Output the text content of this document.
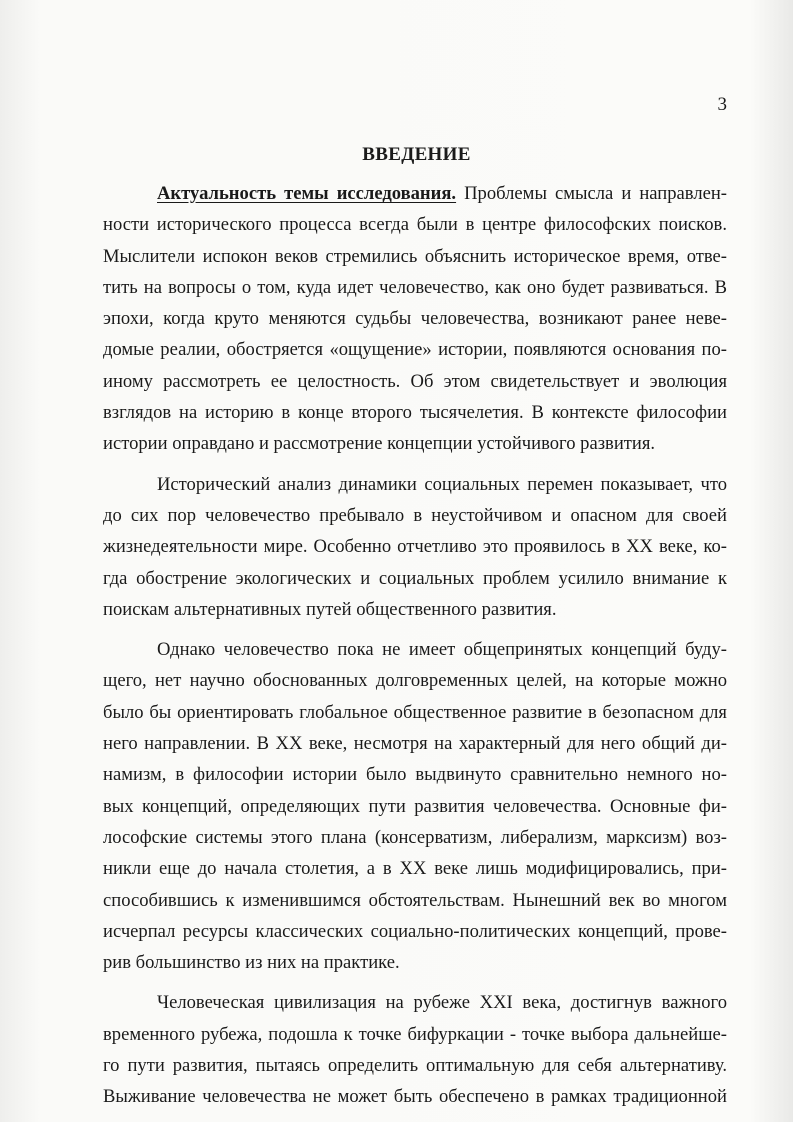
3
ВВЕДЕНИЕ
Актуальность темы исследования. Проблемы смысла и направлен-
ности исторического процесса всегда были в центре философских поисков.
Мыслители испокон веков стремились объяснить историческое время, отве-
тить на вопросы о том, куда идет человечество, как оно будет развиваться. В
эпохи, когда круто меняются судьбы человечества, возникают ранее неве-
домые реалии, обостряется «ощущение» истории, появляются основания по-
иному рассмотреть ее целостность. Об этом свидетельствует и эволюция
взглядов на историю в конце второго тысячелетия. В контексте философии
истории оправдано и рассмотрение концепции устойчивого развития.
Исторический анализ динамики социальных перемен показывает, что
до сих пор человечество пребывало в неустойчивом и опасном для своей
жизнедеятельности мире. Особенно отчетливо это проявилось в XX веке, ко-
гда обострение экологических и социальных проблем усилило внимание к
поискам альтернативных путей общественного развития.
Однако человечество пока не имеет общепринятых концепций буду-
щего, нет научно обоснованных долговременных целей, на которые можно
было бы ориентировать глобальное общественное развитие в безопасном для
него направлении. В XX веке, несмотря на характерный для него общий ди-
намизм, в философии истории было выдвинуто сравнительно немного но-
вых концепций, определяющих пути развития человечества. Основные фи-
лософские системы этого плана (консерватизм, либерализм, марксизм) воз-
никли еще до начала столетия, а в XX веке лишь модифицировались, при-
способившись к изменившимся обстоятельствам. Нынешний век во многом
исчерпал ресурсы классических социально-политических концепций, прове-
рив большинство из них на практике.
Человеческая цивилизация на рубеже XXI века, достигнув важного
временного рубежа, подошла к точке бифуркации - точке выбора дальнейше-
го пути развития, пытаясь определить оптимальную для себя альтернативу.
Выживание человечества не может быть обеспечено в рамках традиционной
